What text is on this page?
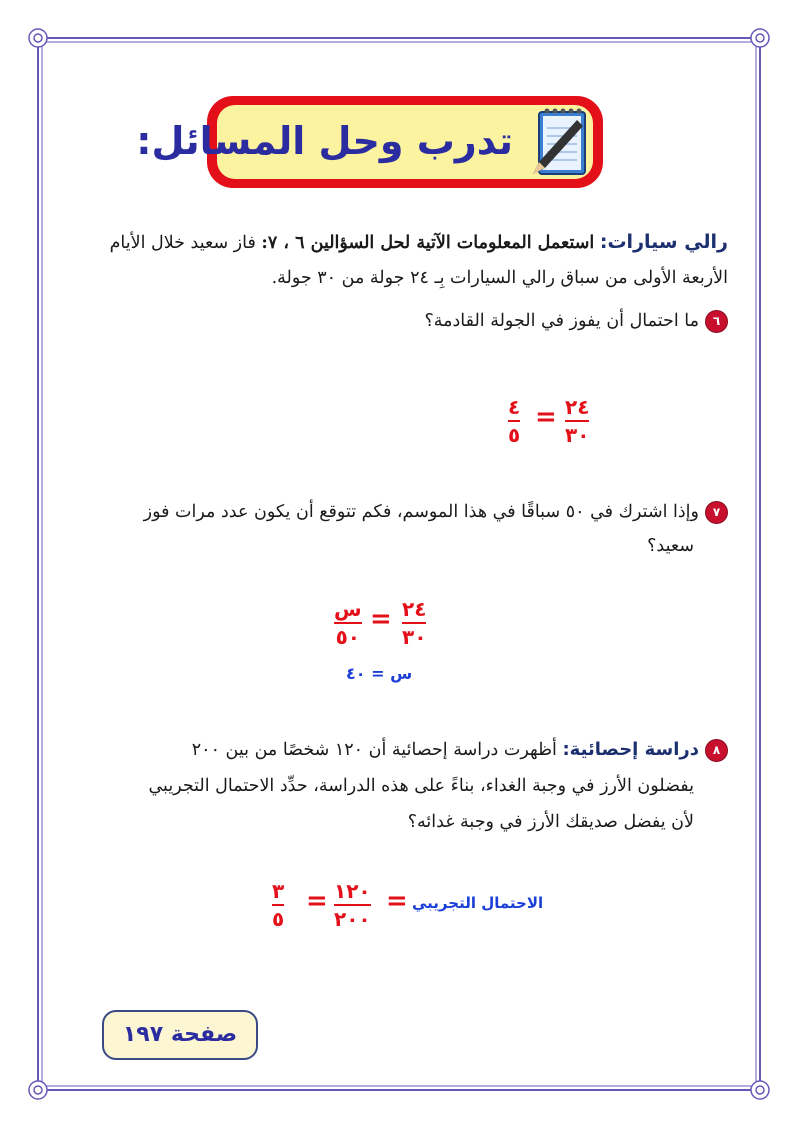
تدرب وحل المسائل:
رالي سيارات: استعمل المعلومات الآتية لحل السؤالين ٦ ، ٧: فاز سعيد خلال الأيام
الأربعة الأولى من سباق رالي السيارات بِـ ٢٤ جولة من ٣٠ جولة.
٦ما احتمال أن يفوز في الجولة القادمة؟
٤
٥
= ٢٤
٣٠
٧وإذا اشترك في ٥٠ سباقًا في هذا الموسم، فكم تتوقع أن يكون عدد مرات فوز
سعيد؟
س
٥٠
= ٢٤
٣٠
س = ٤٠
٨دراسة إحصائية: أظهرت دراسة إحصائية أن ١٢٠ شخصًا من بين ٢٠٠
يفضلون الأرز في وجبة الغداء، بناءً على هذه الدراسة، حدِّد الاحتمال التجريبي
لأن يفضل صديقك الأرز في وجبة غدائه؟
٣
٥
= ١٢٠
٢٠٠
= الاحتمال التجريبي
صفحة ١٩٧
